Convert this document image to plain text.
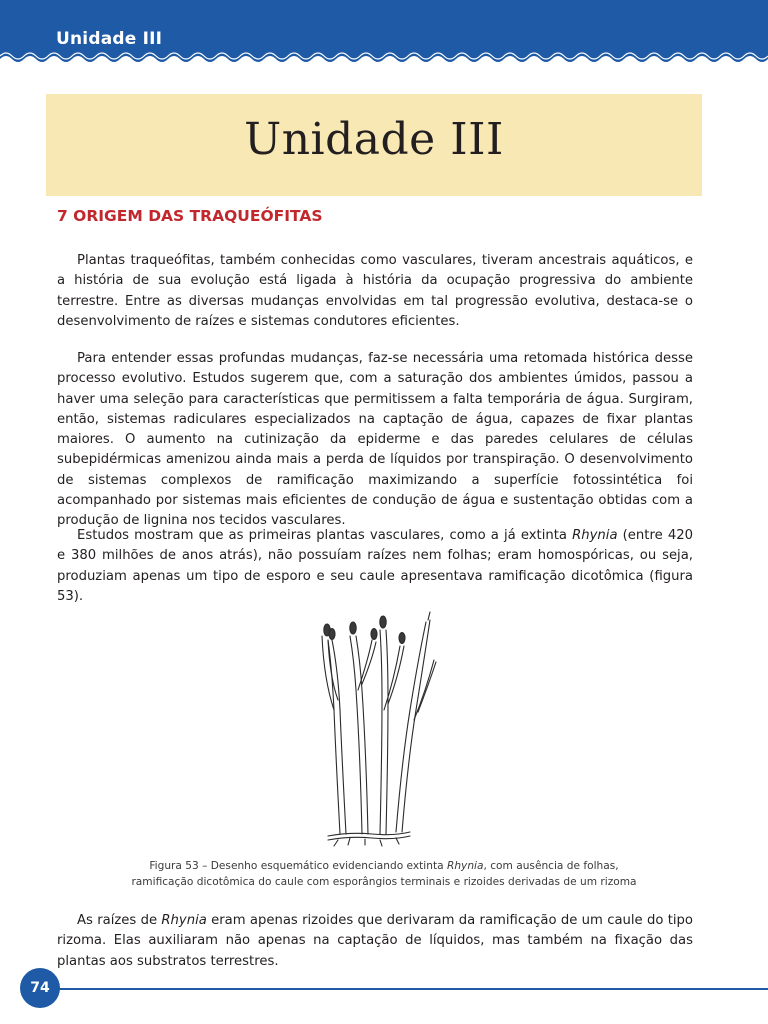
Unidade III
Unidade III
7 ORIGEM DAS TRAQUEÓFITAS

Plantas traqueófitas, também conhecidas como vasculares, tiveram ancestrais aquáticos, e a história de sua evolução está ligada à história da ocupação progressiva do ambiente terrestre. Entre as diversas mudanças envolvidas em tal progressão evolutiva, destaca-se o desenvolvimento de raízes e sistemas condutores eficientes.

Para entender essas profundas mudanças, faz-se necessária uma retomada histórica desse processo evolutivo. Estudos sugerem que, com a saturação dos ambientes úmidos, passou a haver uma seleção para características que permitissem a falta temporária de água. Surgiram, então, sistemas radiculares especializados na captação de água, capazes de fixar plantas maiores. O aumento na cutinização da epiderme e das paredes celulares de células subepidérmicas amenizou ainda mais a perda de líquidos por transpiração. O desenvolvimento de sistemas complexos de ramificação maximizando a superfície fotossintética foi acompanhado por sistemas mais eficientes de condução de água e sustentação obtidas com a produção de lignina nos tecidos vasculares.

Estudos mostram que as primeiras plantas vasculares, como a já extinta Rhynia (entre 420 e 380 milhões de anos atrás), não possuíam raízes nem folhas; eram homospóricas, ou seja, produziam apenas um tipo de esporo e seu caule apresentava ramificação dicotômica (figura 53).

Figura 53 – Desenho esquemático evidenciando extinta Rhynia, com ausência de folhas,
ramificação dicotômica do caule com esporângios terminais e rizoides derivadas de um rizoma

As raízes de Rhynia eram apenas rizoides que derivaram da ramificação de um caule do tipo rizoma. Elas auxiliaram não apenas na captação de líquidos, mas também na fixação das plantas aos substratos terrestres.

74
